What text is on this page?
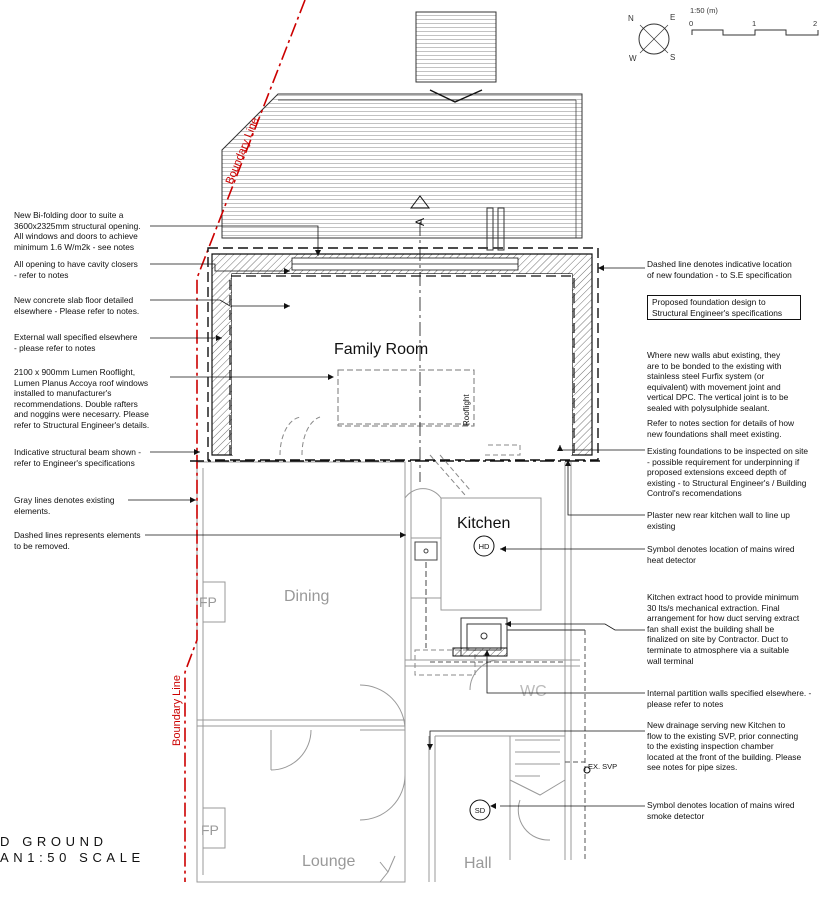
N	E
S
W
1:50 (m)
0	1	2
Boundary Line
Boundary Line
A
HD
SD
EX. SVP
Family Room
Kitchen
Dining
Lounge	Hall
WC
FP
FP
Rooflight
D GROUND
AN1:50 SCALE
New Bi-folding door to suite a
3600x2325mm structural opening.
All windows and doors to achieve
minimum 1.6 W/m2k - see notes
All opening to have cavity closers
- refer to notes
New concrete slab floor detailed
elsewhere - Please refer to notes.
External wall specified elsewhere
- please refer to notes
2100 x 900mm Lumen Rooflight,
Lumen Planus Accoya roof windows
installed to manufacturer's
recommendations. Double rafters
and noggins were necesarry. Please
refer to Structural Engineer's details.
Indicative structural beam shown -
refer to Engineer's specifications
Gray lines denotes existing
elements.
Dashed lines represents elements
to be removed.
Dashed line denotes indicative location
of new foundation - to S.E specification
Proposed foundation design to
Structural Engineer's specifications
Where new walls abut existing, they
are to be bonded to the existing with
stainless steel Furfix system (or
equivalent) with movement joint and
vertical DPC. The vertical joint is to be
sealed with polysulphide sealant.
Refer to notes section for details of how
new foundations shall meet existing.
Existing foundations to be inspected on site
- possible requirement for underpinning if
proposed extensions exceed depth of
existing - to Structural Engineer's / Building
Control's recomendations
Plaster new rear kitchen wall to line up
existing
Symbol denotes location of mains wired
heat detector
Kitchen extract hood to provide minimum
30 lts/s mechanical extraction. Final
arrangement for how duct serving extract
fan shall exist the building shall be
finalized on site by Contractor. Duct to
terminate to atmosphere via a suitable
wall terminal
Internal partition walls specified elsewhere. -
please refer to notes
New drainage serving new Kitchen to
flow to the existing SVP, prior connecting
to the existing inspection chamber
located at the front of the building. Please
see notes for pipe sizes.
Symbol denotes location of mains wired
smoke detector
